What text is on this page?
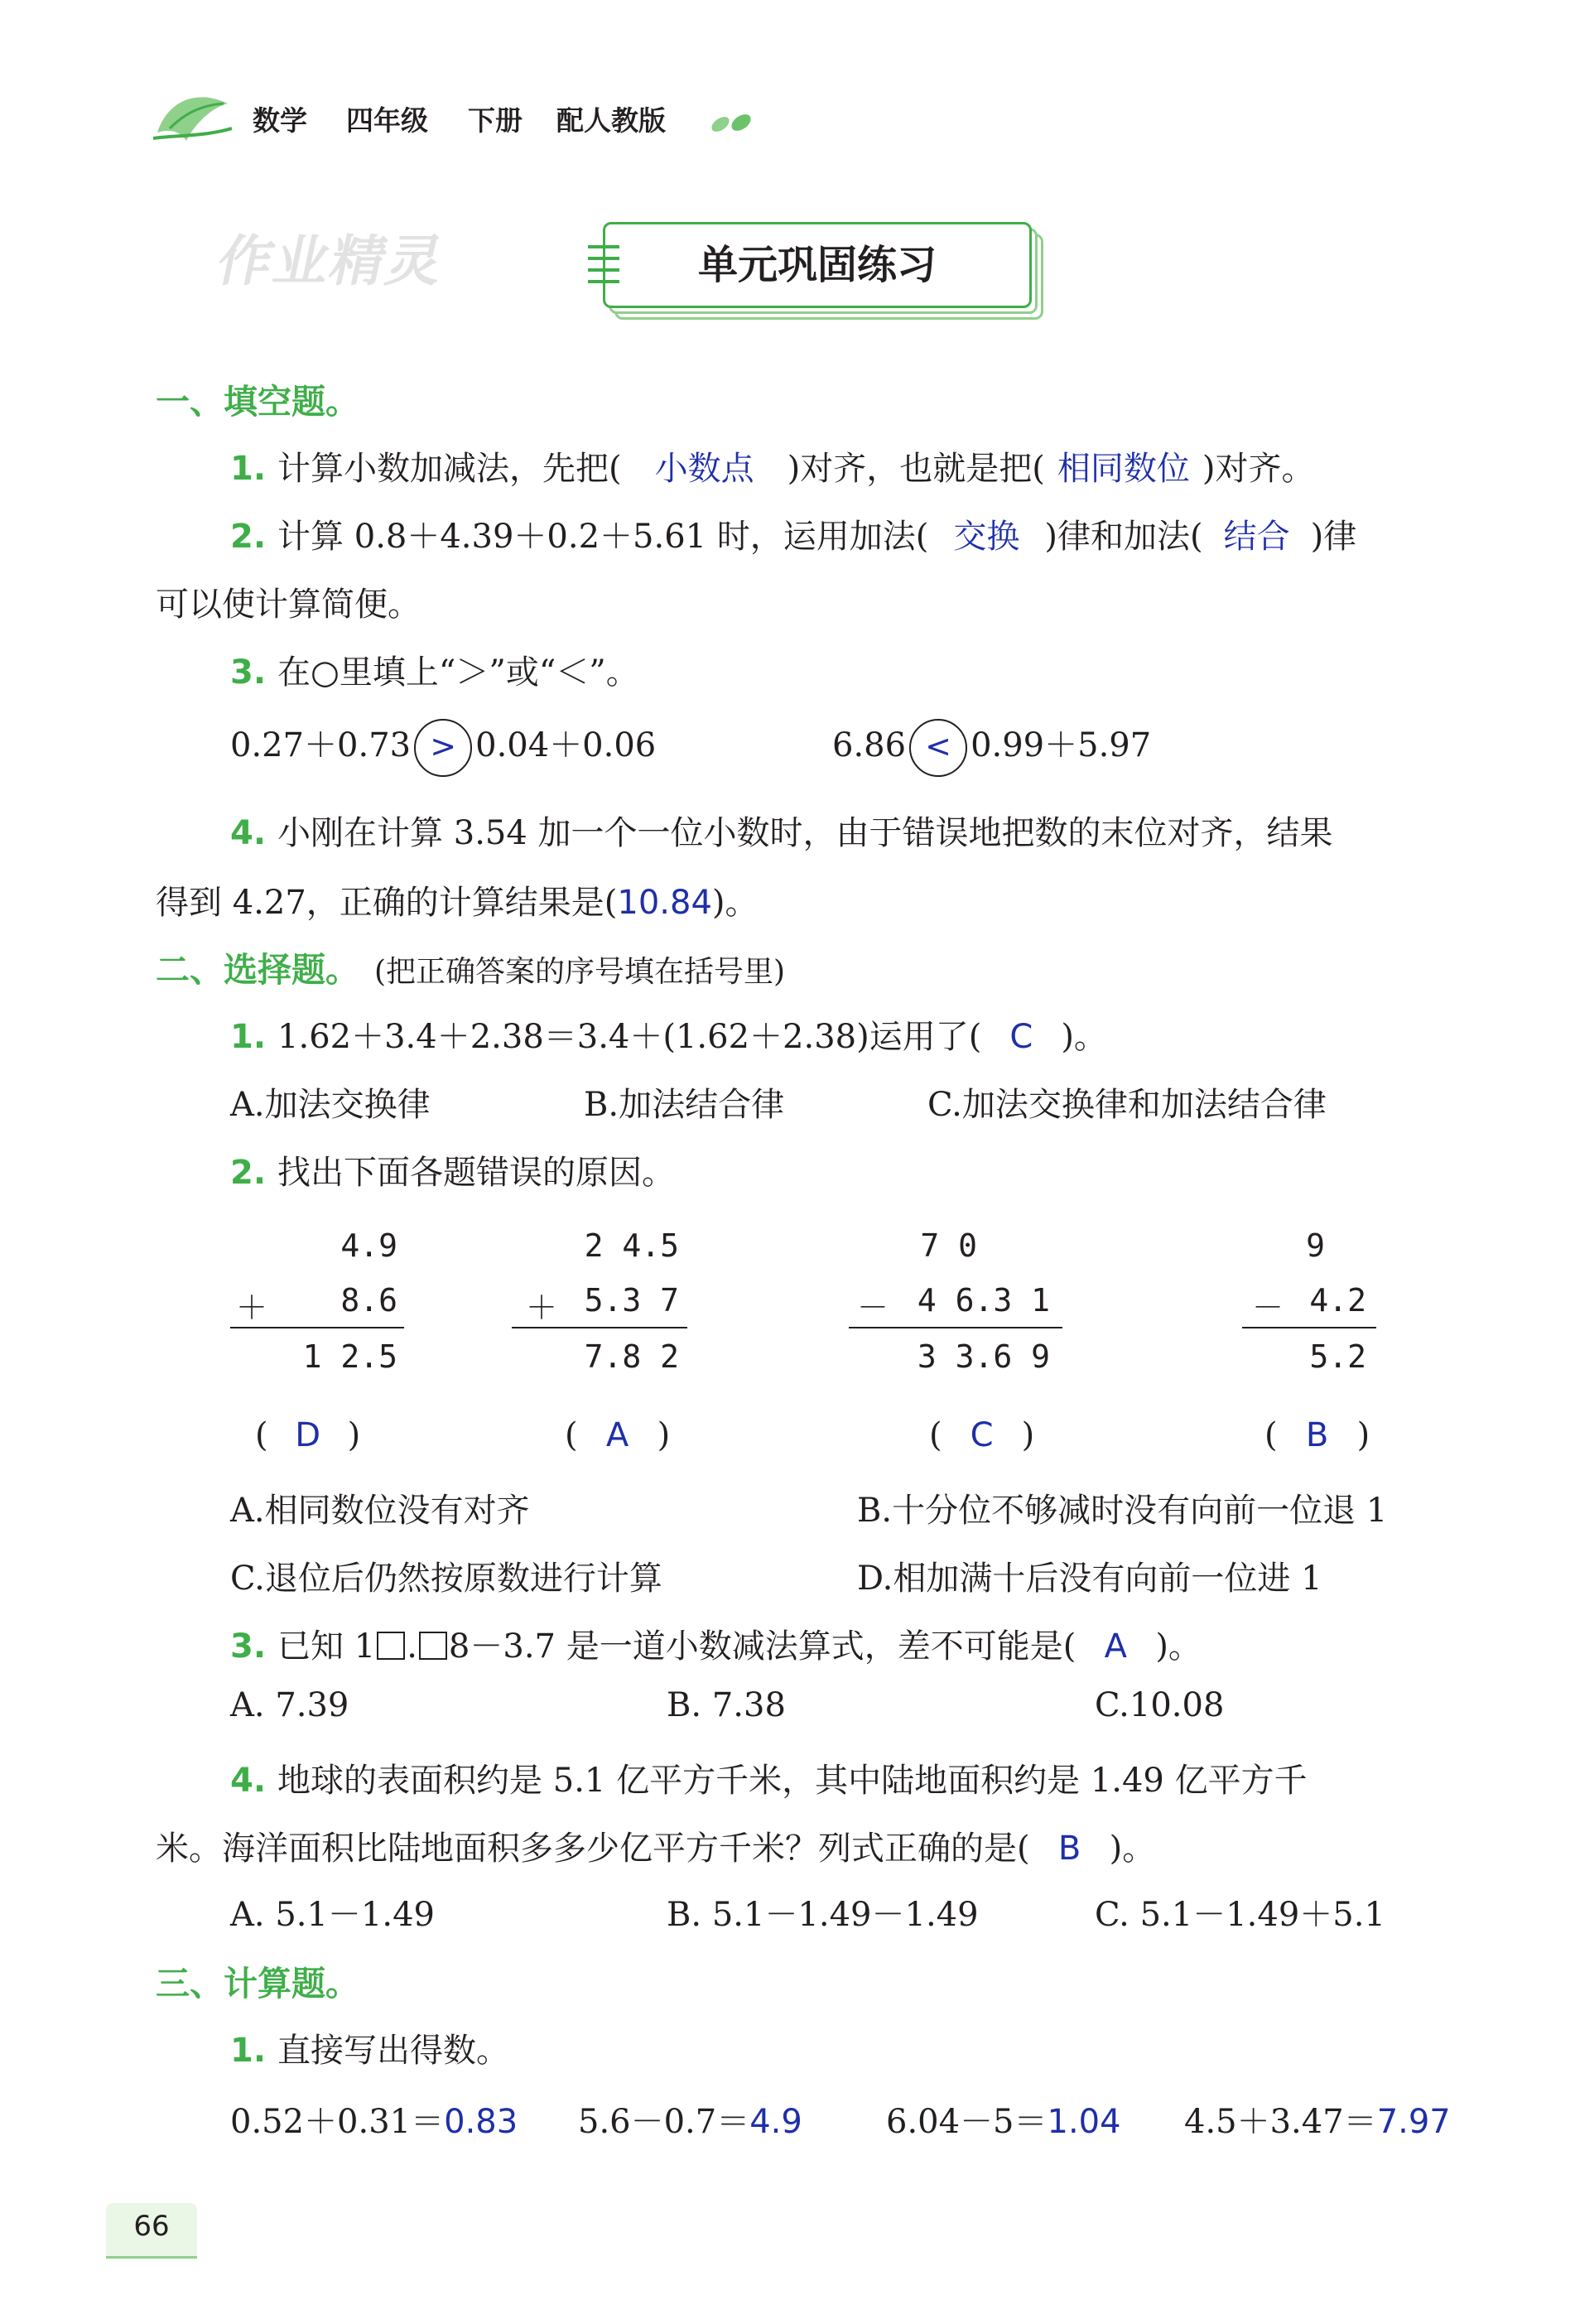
数学 四年级 下册 配人教版
作业精灵	单元巩固练习
一、填空题。
1. 计算小数加减法，先把( 小数点 )对齐，也就是把( 相同数位 )对齐。
2. 计算 0.8＋4.39＋0.2＋5.61 时，运用加法( 交换 )律和加法( 结合 )律
可以使计算简便。
3. 在○里填上“＞”或“＜”。
0.27＋0.73 > 0.04＋0.06	6.86 < 0.99＋5.97
4. 小刚在计算 3.54 加一个一位小数时，由于错误地把数的末位对齐，结果
得到 4.27，正确的计算结果是(10.84)。
二、选择题。 (把正确答案的序号填在括号里)
1. 1.62＋3.4＋2.38＝3.4＋(1.62＋2.38)运用了( C )。
A.加法交换律	B.加法结合律	C.加法交换律和加法结合律
2. 找出下面各题错误的原因。
4.9
＋	8.6
1 2.5
2 4.5
＋ 5.3 7
7.8 2
7 0
－ 4 6.3 1
3 3.6 9
9
－ 4.2
5.2
( D )	( A )	( C )	( B )
A.相同数位没有对齐	B.十分位不够减时没有向前一位退 1
C.退位后仍然按原数进行计算	D.相加满十后没有向前一位进 1
3. 已知 1 . 8－3.7 是一道小数减法算式，差不可能是( A )。
A. 7.39	B. 7.38	C.10.08
4. 地球的表面积约是 5.1 亿平方千米，其中陆地面积约是 1.49 亿平方千
米。海洋面积比陆地面积多多少亿平方千米？列式正确的是( B )。
A. 5.1－1.49	B. 5.1－1.49－1.49	C. 5.1－1.49＋5.1
三、计算题。
1. 直接写出得数。
0.52＋0.31＝0.83 5.6－0.7＝4.9	6.04－5＝1.04 4.5＋3.47＝7.97
66
